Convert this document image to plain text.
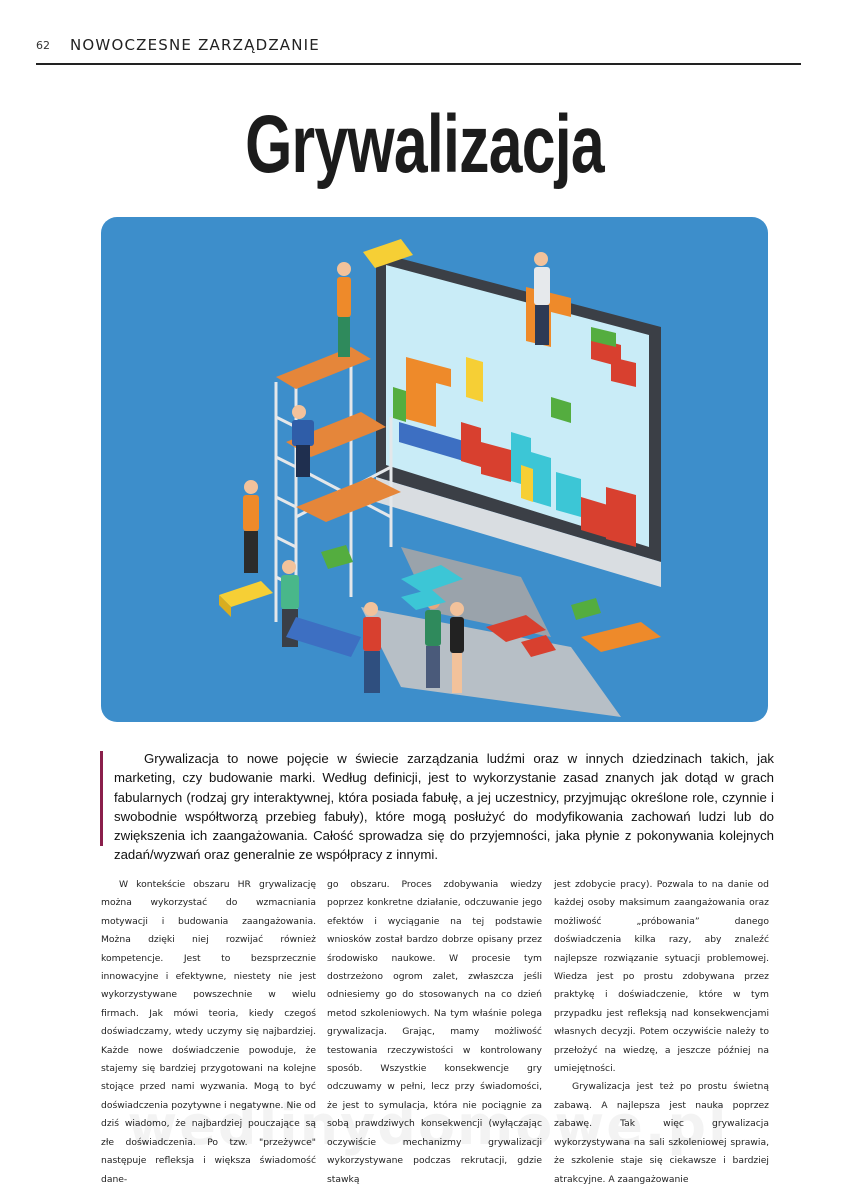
62 NOWOCZESNE ZARZĄDZANIE
Grywalizacja

Grywalizacja to nowe pojęcie w świecie zarządzania ludźmi oraz w innych dziedzinach takich, jak marketing, czy budowanie marki. Według definicji, jest to wykorzystanie zasad znanych jak dotąd w grach fabularnych (rodzaj gry interaktywnej, która posiada fabułę, a jej uczestnicy, przyjmując określone role, czynnie i swobodnie współtworzą przebieg fabuły), które mogą posłużyć do modyfikowania zachowań ludzi lub do zwiększenia ich zaangażowania. Całość sprowadza się do przyjemności, jaka płynie z pokonywania kolejnych zadań/wyzwań oraz generalnie ze współpracy z innymi.

W kontekście obszaru HR grywalizację można wykorzystać do wzmacniania motywacji i budowania zaangażowania. Można dzięki niej rozwijać również kompetencje. Jest to bezsprzecznie innowacyjne i efektywne, niestety nie jest wykorzystywane powszechnie w wielu firmach. Jak mówi teoria, kiedy czegoś doświadczamy, wtedy uczymy się najbardziej. Każde nowe doświadczenie powoduje, że stajemy się bardziej przygotowani na kolejne stojące przed nami wyzwania. Mogą to być doświadczenia pozytywne i negatywne. Nie od dziś wiadomo, że najbardziej pouczające są złe doświadczenia. Po tzw. "przeżywce" następuje refleksja i większa świadomość dane-

go obszaru. Proces zdobywania wiedzy poprzez konkretne działanie, odczuwanie jego efektów i wyciąganie na tej podstawie wniosków został bardzo dobrze opisany przez środowisko naukowe. W procesie tym dostrzeżono ogrom zalet, zwłaszcza jeśli odniesiemy go do stosowanych na co dzień metod szkoleniowych. Na tym właśnie polega grywalizacja. Grając, mamy możliwość testowania rzeczywistości w kontrolowany sposób. Wszystkie konsekwencje gry odczuwamy w pełni, lecz przy świadomości, że jest to symulacja, która nie pociągnie za sobą prawdziwych konsekwencji (wyłączając oczywiście mechanizmy grywalizacji wykorzystywane podczas rekrutacji, gdzie stawką

jest zdobycie pracy). Pozwala to na danie od każdej osoby maksimum zaangażowania oraz możliwość „próbowania” danego doświadczenia kilka razy, aby znaleźć najlepsze rozwiązanie sytuacji problemowej. Wiedza jest po prostu zdobywana przez praktykę i doświadczenie, które w tym przypadku jest refleksją nad konsekwencjami własnych decyzji. Potem oczywiście należy to przełożyć na wiedzę, a jeszcze później na umiejętności.

Grywalizacja jest też po prostu świetną zabawą. A najlepsza jest nauka poprzez zabawę. Tak więc grywalizacja wykorzystywana na sali szkoleniowej sprawia, że szkolenie staje się ciekawsze i bardziej atrakcyjne. A zaangażowanie
